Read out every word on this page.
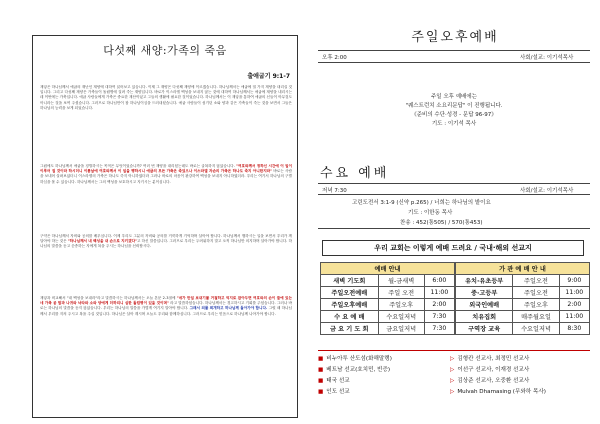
다섯째 새양:가족의 죽음
출애굽기 9:1-7
재앙은 하나님께서 애굽의 재난인 재양에 대하여 읽어보고 있습니다. 이제 그 재양은 다섯째 재양에 이르겠습니다. 하나님께서는 애굽에 열 가지 재양을 내리실 것입니다. 그리고 다섯째 재양은 가축들이 돌림병에 걸려 죽는 재양입니다. 바로가 이스라엘 백성을 보내지 않는 것에 대하여 하나님께서는 애굽에 재양을 내리시는데 이번에는 가축입니다. 애굽 사람들에게 가축은 중요한 재산이었고 그들의 생활에 필요한 것이었습니다. 하나님께서는 이 재앙을 통하여 애굽의 신들이 아무것도 아니라는 것을 보여 주셨습니다. 그러므로 하나님만이 참 하나님이심을 드러내셨습니다. 애굽 사람들이 섬기던 소와 양과 같은 가축들이 죽는 것을 보면서 그들은 하나님의 능력을 보게 되었습니다.
그럼에도 하나님께서 애굽을 징벌하시는 목적은 무엇이었습니까? 여러 번 재양을 내리셨는데도 바로는 굴복하지 않았습니다. "여호와께서 정하신 시간에 이 일이 이루어 질 것이라 하시더니 이튿날에 여호와께서 이 일을 행하시니 애굽의 모든 가축은 죽었으나 이스라엘 자손의 가축은 하나도 죽지 아니한지라" 바로는 사람을 보내어 살펴보았더니 이스라엘의 가축은 하나도 죽지 아니하였더라 그러나 바로의 마음이 완강하여 백성을 보내지 아니하였더라. 우리는 여기서 하나님의 구별하심을 볼 수 있습니다. 하나님께서는 그의 백성을 보호하시고 지키시는 분이십니다.
구약은 하나님께서 자비와 공의를 베푸십니다. 이제 우리도 그분의 자비와 공의를 거룩하게 기억하며 살아야 합니다. 하나님께서 행하시는 일을 보면서 우리가 깨달아야 하는 것은 "하나님께서 내 백성을 내 손으로 지키겠다"고 하신 말씀입니다. 그러므로 우리는 두려워하지 말고 오직 하나님만 의지하며 살아가야 합니다. 하나님의 말씀을 듣고 순종하는 자에게 복을 주시는 하나님을 신뢰합시다.
재앙과 비교해서 "내 백성을 보내라"라고 말씀하시는 하나님께서는 오늘 본문 2-3절에 "네가 만일 보내기를 거절하고 억지로 잡아두면 여호와의 손이 들에 있는 네 가축 곧 말과 나귀와 낙타와 소와 양에게 더하리니 심한 돌림병이 있을 것이며" 라고 말씀하셨습니다. 하나님께서는 경고하시고 기회를 주셨습니다. 그러나 바로는 하나님의 말씀을 듣지 않았습니다. 우리는 하나님의 말씀을 가볍게 여기지 말아야 합니다. 그래서 죄를 회개하고 하나님께 돌아가야 합니다. 그럴 때 하나님께서 우리를 지켜 주시고 복을 주실 것입니다. 하나님은 살아 계시며 오늘도 우리와 함께하십니다. 그러므로 우리는 믿음으로 하나님께 나아가야 합니다.
주일오후예배
오후 2:00	사회/설교: 이기석목사
주일 오후 예배에는
"퀘스트런치 소요리문답" 이 진행됩니다.
《준비의 수단·성경 - 문답 96-97》
기도 : 이기석 목사
수요 예배
저녁 7:30	사회/설교: 이기석목사
고린도전서 3:1-9 (신약 p.265) / 너희는 하나님의 밭이요
기도 : 이한동 목사
찬송 : 452(통505) / 570(통453)
우리 교회는 이렇게 예배 드려요 / 국내·해외 선교지
예배 안내		
새벽 기도회	월-금새벽	6:00
주일오전예배	주일 오전	11:00
주일오후예배	주일오후	2:00
수 요 예 배	수요일저녁	7:30
금 요 기 도 회	금요일저녁	7:30
가 관 예 배 안 내		
유치·유초등부	주일오전	9:00
중·고등부	주일오전	11:00
외국인예배	주일오후	2:00
치유집회	매주월요일	11:00
구역장 교육	수요일저녁	8:30
■ 비누아투 산도섬(화해말랭)	▷ 김형칸 선교사, 최정민 선교사
■ 베트남 선교(호치민, 빈증)	▷ 이선구 선교사, 이재경 선교사
■ 태국 선교	▷ 김상준 선교사, 오중환 선교사
■ 인도 선교	▷ Mulvah Dhamasing (무와하 목사)
